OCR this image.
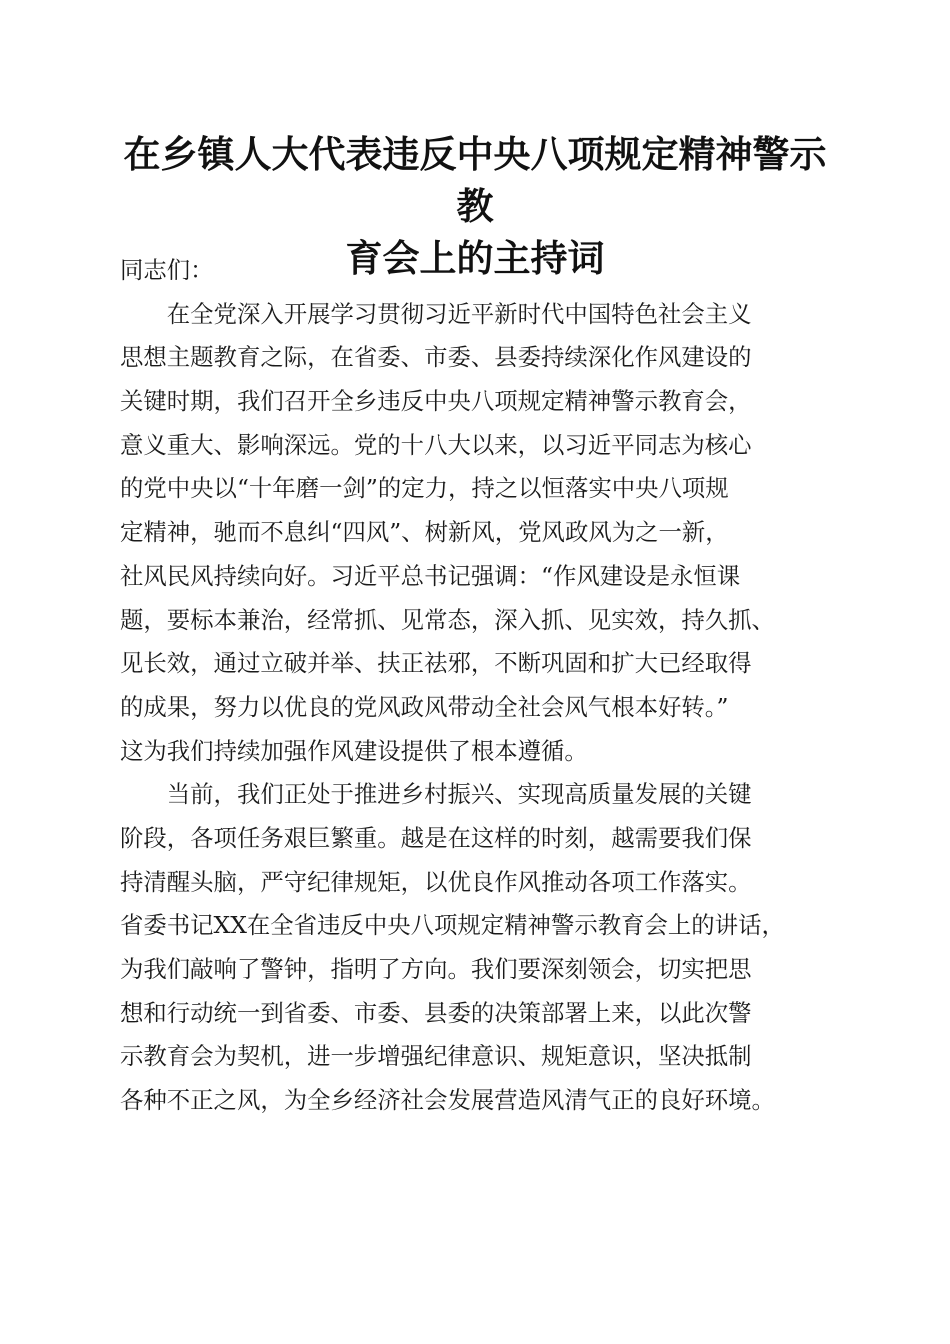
在乡镇人大代表违反中央八项规定精神警示教
育会上的主持词
同志们：
　　在全党深入开展学习贯彻习近平新时代中国特色社会主义
思想主题教育之际，在省委、市委、县委持续深化作风建设的
关键时期，我们召开全乡违反中央八项规定精神警示教育会，
意义重大、影响深远。党的十八大以来，以习近平同志为核心
的党中央以“十年磨一剑”的定力，持之以恒落实中央八项规
定精神，驰而不息纠“四风”、树新风，党风政风为之一新，
社风民风持续向好。习近平总书记强调：“作风建设是永恒课
题，要标本兼治，经常抓、见常态，深入抓、见实效，持久抓、
见长效，通过立破并举、扶正祛邪，不断巩固和扩大已经取得
的成果，努力以优良的党风政风带动全社会风气根本好转。”
这为我们持续加强作风建设提供了根本遵循。
　　当前，我们正处于推进乡村振兴、实现高质量发展的关键
阶段，各项任务艰巨繁重。越是在这样的时刻，越需要我们保
持清醒头脑，严守纪律规矩，以优良作风推动各项工作落实。
省委书记XX在全省违反中央八项规定精神警示教育会上的讲话，
为我们敲响了警钟，指明了方向。我们要深刻领会，切实把思
想和行动统一到省委、市委、县委的决策部署上来，以此次警
示教育会为契机，进一步增强纪律意识、规矩意识，坚决抵制
各种不正之风，为全乡经济社会发展营造风清气正的良好环境。
